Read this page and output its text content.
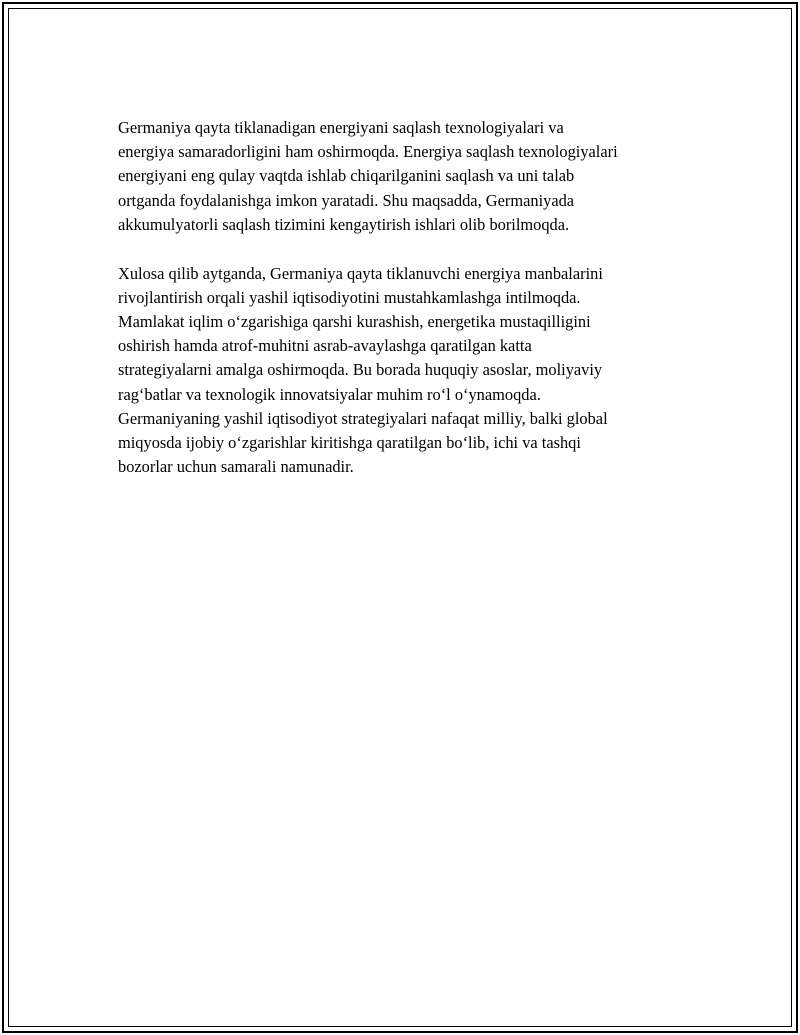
Germaniya qayta tiklanadigan energiyani saqlash texnologiyalari va
energiya samaradorligini ham oshirmoqda. Energiya saqlash texnologiyalari
energiyani eng qulay vaqtda ishlab chiqarilganini saqlash va uni talab
ortganda foydalanishga imkon yaratadi. Shu maqsadda, Germaniyada
akkumulyatorli saqlash tizimini kengaytirish ishlari olib borilmoqda.

Xulosa qilib aytganda, Germaniya qayta tiklanuvchi energiya manbalarini
rivojlantirish orqali yashil iqtisodiyotini mustahkamlashga intilmoqda.
Mamlakat iqlim o‘zgarishiga qarshi kurashish, energetika mustaqilligini
oshirish hamda atrof-muhitni asrab-avaylashga qaratilgan katta
strategiyalarni amalga oshirmoqda. Bu borada huquqiy asoslar, moliyaviy
rag‘batlar va texnologik innovatsiyalar muhim ro‘l o‘ynamoqda.
Germaniyaning yashil iqtisodiyot strategiyalari nafaqat milliy, balki global
miqyosda ijobiy o‘zgarishlar kiritishga qaratilgan bo‘lib, ichi va tashqi
bozorlar uchun samarali namunadir.
